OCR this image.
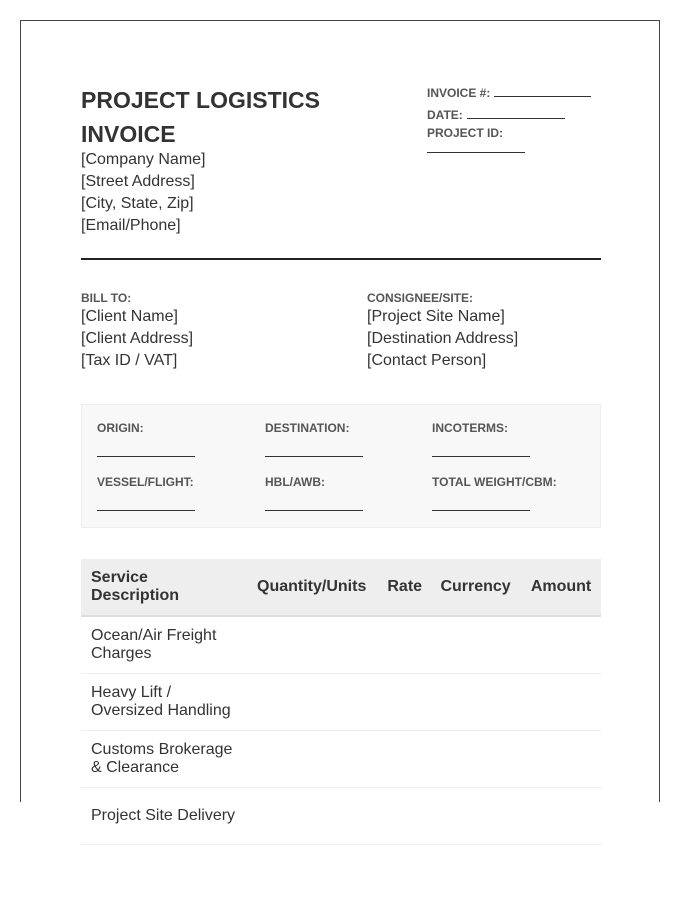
PROJECT LOGISTICS INVOICE
[Company Name]
[Street Address]
[City, State, Zip]
[Email/Phone]
INVOICE #:
DATE:
PROJECT ID:
BILL TO:
[Client Name]
[Client Address]
[Tax ID / VAT]
CONSIGNEE/SITE:
[Project Site Name]
[Destination Address]
[Contact Person]
ORIGIN:	DESTINATION:	INCOTERMS:
VESSEL/FLIGHT:	HBL/AWB:	TOTAL WEIGHT/CBM:
Service Description	Quantity/Units	Rate	Currency	Amount
Ocean/Air Freight Charges				
Heavy Lift / Oversized Handling				
Customs Brokerage & Clearance				
Project Site Delivery				
